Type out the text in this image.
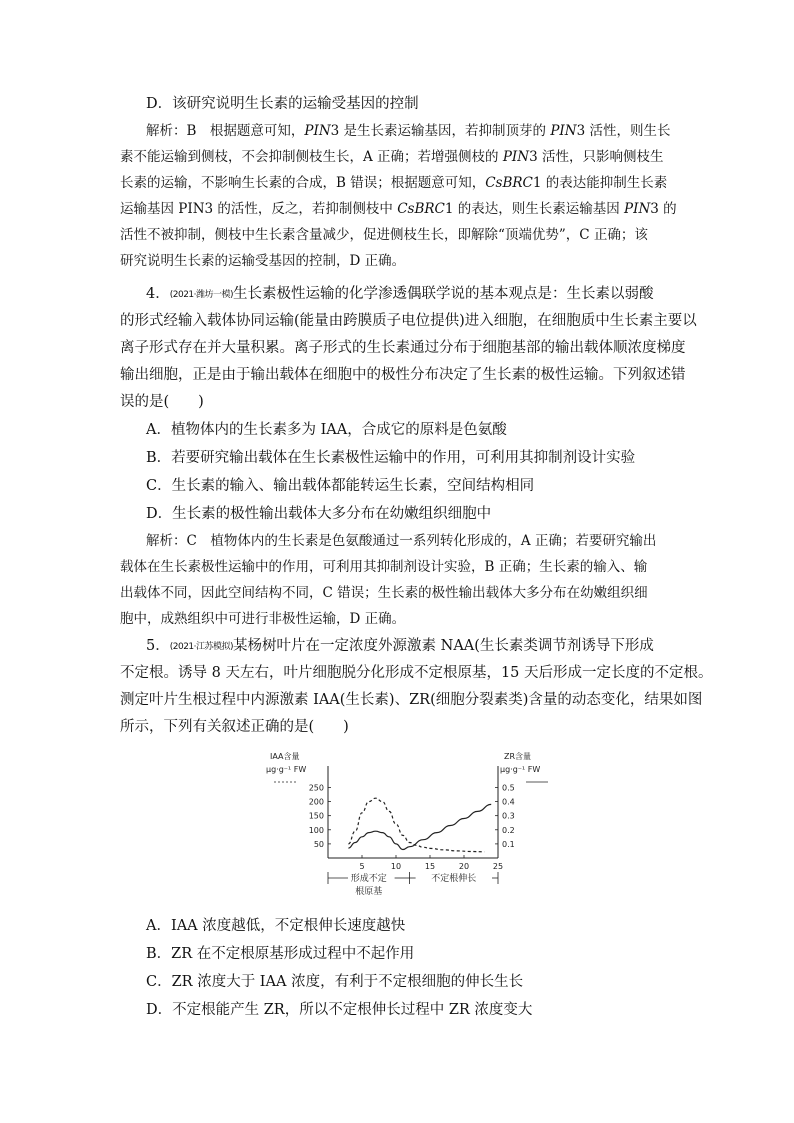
D．该研究说明生长素的运输受基因的控制
解析：B　根据题意可知，PIN3 是生长素运输基因，若抑制顶芽的 PIN3 活性，则生长
素不能运输到侧枝，不会抑制侧枝生长，A 正确；若增强侧枝的 PIN3 活性，只影响侧枝生
长素的运输，不影响生长素的合成，B 错误；根据题意可知，CsBRC1 的表达能抑制生长素
运输基因 PIN3 的活性，反之，若抑制侧枝中 CsBRC1 的表达，则生长素运输基因 PIN3 的
活性不被抑制，侧枝中生长素含量减少，促进侧枝生长，即解除“顶端优势”，C 正确；该
研究说明生长素的运输受基因的控制，D 正确。
4．(2021·潍坊一模)生长素极性运输的化学渗透偶联学说的基本观点是：生长素以弱酸
的形式经输入载体协同运输(能量由跨膜质子电位提供)进入细胞，在细胞质中生长素主要以
离子形式存在并大量积累。离子形式的生长素通过分布于细胞基部的输出载体顺浓度梯度
输出细胞，正是由于输出载体在细胞中的极性分布决定了生长素的极性运输。下列叙述错
误的是(　　)
A．植物体内的生长素多为 IAA，合成它的原料是色氨酸
B．若要研究输出载体在生长素极性运输中的作用，可利用其抑制剂设计实验
C．生长素的输入、输出载体都能转运生长素，空间结构相同
D．生长素的极性输出载体大多分布在幼嫩组织细胞中
解析：C　植物体内的生长素是色氨酸通过一系列转化形成的，A 正确；若要研究输出
载体在生长素极性运输中的作用，可利用其抑制剂设计实验，B 正确；生长素的输入、输
出载体不同，因此空间结构不同，C 错误；生长素的极性输出载体大多分布在幼嫩组织细
胞中，成熟组织中可进行非极性运输，D 正确。
5．(2021·江苏模拟)某杨树叶片在一定浓度外源激素 NAA(生长素类调节剂诱导下形成
不定根。诱导 8 天左右，叶片细胞脱分化形成不定根原基，15 天后形成一定长度的不定根。
测定叶片生根过程中内源激素 IAA(生长素)、ZR(细胞分裂素类)含量的动态变化，结果如图
所示，下列有关叙述正确的是(　　)
IAA含量
μg·g⁻¹ FW
ZR含量
μg·g⁻¹ FW
50
100
150
200
250
0.1
0.2
0.3
0.4
0.5
5	10	15	20	25
形成不定
根原基
不定根伸长
A．IAA 浓度越低，不定根伸长速度越快
B．ZR 在不定根原基形成过程中不起作用
C．ZR 浓度大于 IAA 浓度，有利于不定根细胞的伸长生长
D．不定根能产生 ZR，所以不定根伸长过程中 ZR 浓度变大
